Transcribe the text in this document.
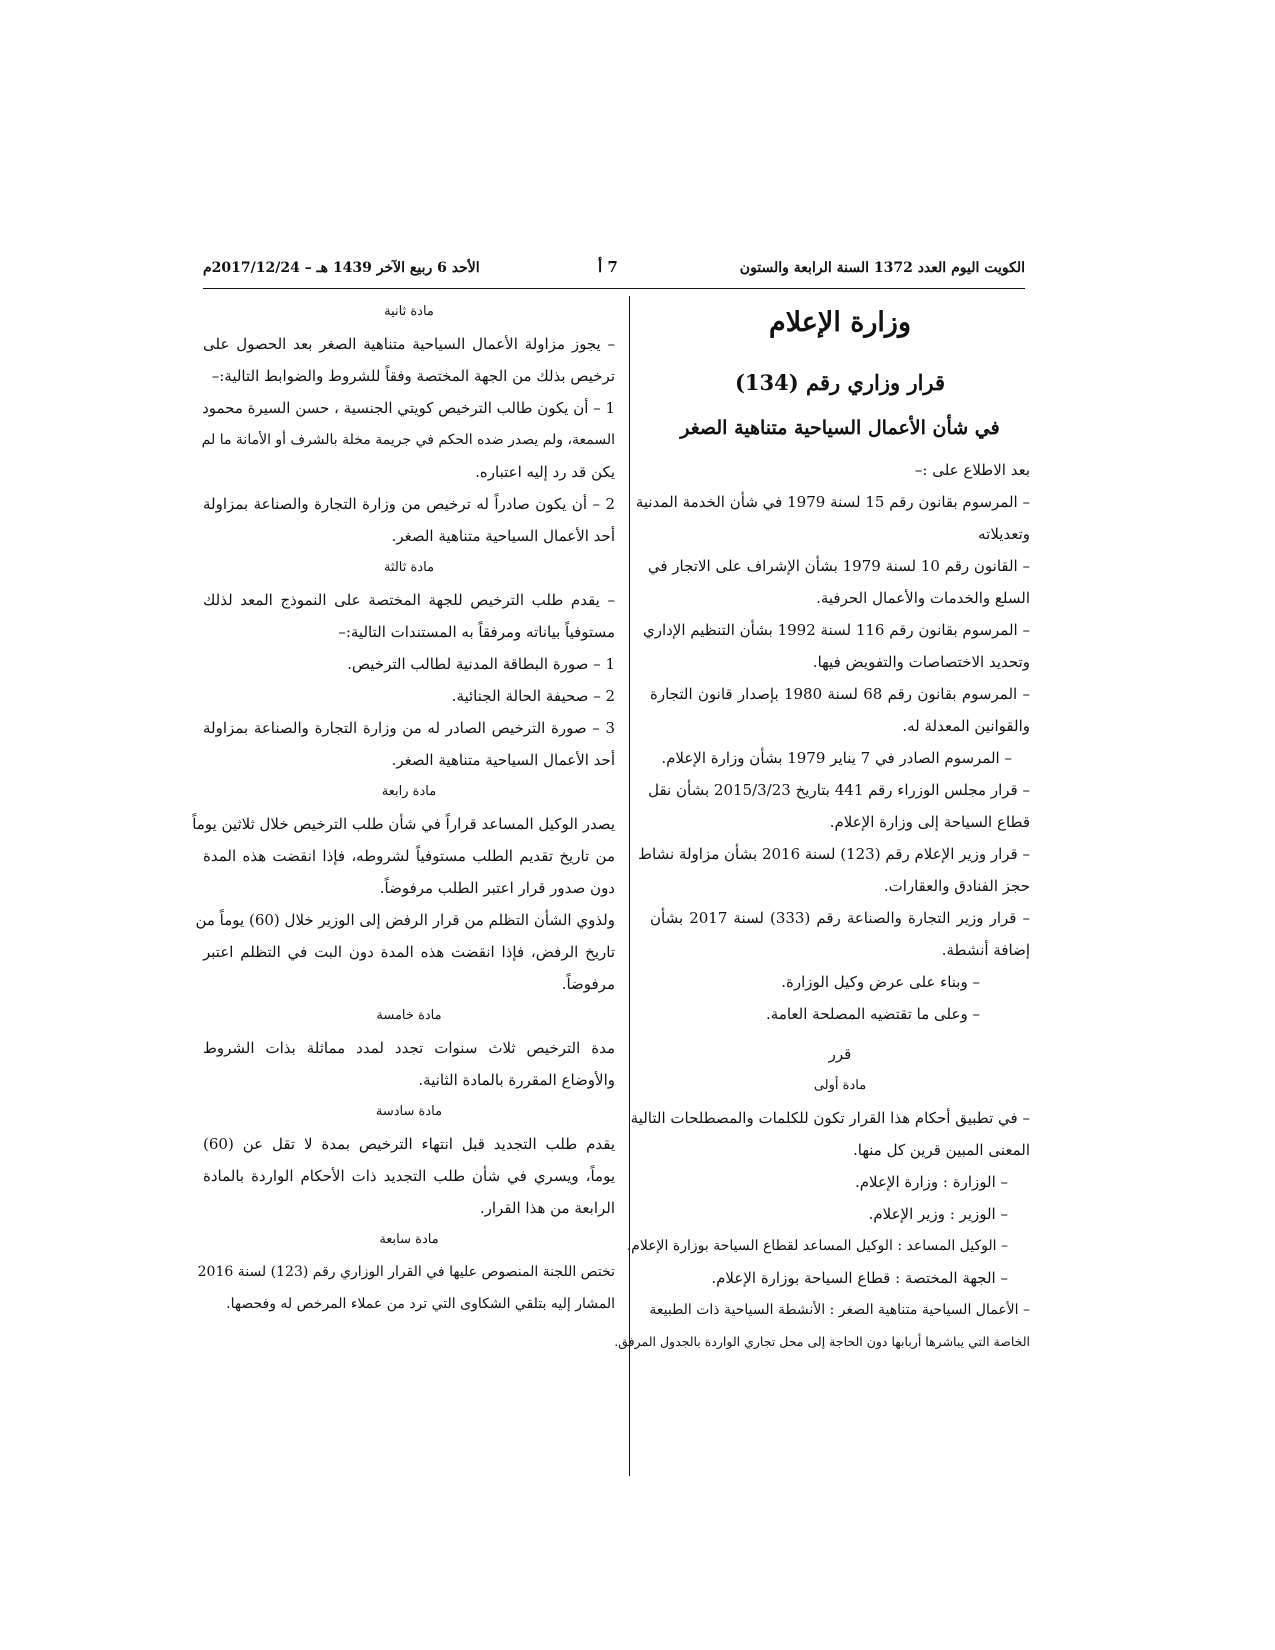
الكويت اليوم العدد 1372 السنة الرابعة والستون
7 أ
الأحد 6 ربيع الآخر 1439 هـ – 2017/12/24م
وزارة الإعلام
قرار وزاري رقم (134)
في شأن الأعمال السياحية متناهية الصغر
بعد الاطلاع على :–
– المرسوم بقانون رقم 15 لسنة 1979 في شأن الخدمة المدنية
وتعديلاته
– القانون رقم 10 لسنة 1979 بشأن الإشراف على الاتجار في
السلع والخدمات والأعمال الحرفية.
– المرسوم بقانون رقم 116 لسنة 1992 بشأن التنظيم الإداري
وتحديد الاختصاصات والتفويض فيها.
– المرسوم بقانون رقم 68 لسنة 1980 بإصدار قانون التجارة
والقوانين المعدلة له.
– المرسوم الصادر في 7 يناير 1979 بشأن وزارة الإعلام.
– قرار مجلس الوزراء رقم 441 بتاريخ 2015/3/23 بشأن نقل
قطاع السياحة إلى وزارة الإعلام.
– قرار وزير الإعلام رقم (123) لسنة 2016 بشأن مزاولة نشاط
حجز الفنادق والعقارات.
– قرار وزير التجارة والصناعة رقم (333) لسنة 2017 بشأن
إضافة أنشطة.
– وبناء على عرض وكيل الوزارة.
– وعلى ما تقتضيه المصلحة العامة.
قرر
مادة أولى
– في تطبيق أحكام هذا القرار تكون للكلمات والمصطلحات التالية
المعنى المبين قرين كل منها.
– الوزارة : وزارة الإعلام.
– الوزير : وزير الإعلام.
– الوكيل المساعد : الوكيل المساعد لقطاع السياحة بوزارة الإعلام.
– الجهة المختصة : قطاع السياحة بوزارة الإعلام.
– الأعمال السياحية متناهية الصغر : الأنشطة السياحية ذات الطبيعة
الخاصة التي يباشرها أربابها دون الحاجة إلى محل تجاري الواردة بالجدول المرفق.
مادة ثانية
– يجوز مزاولة الأعمال السياحية متناهية الصغر بعد الحصول على
ترخيص بذلك من الجهة المختصة وفقاً للشروط والضوابط التالية:–
1 – أن يكون طالب الترخيص كويتي الجنسية ، حسن السيرة محمود
السمعة، ولم يصدر ضده الحكم في جريمة مخلة بالشرف أو الأمانة ما لم
يكن قد رد إليه اعتباره.
2 – أن يكون صادراً له ترخيص من وزارة التجارة والصناعة بمزاولة
أحد الأعمال السياحية متناهية الصغر.
مادة ثالثة
– يقدم طلب الترخيص للجهة المختصة على النموذج المعد لذلك
مستوفياً بياناته ومرفقاً به المستندات التالية:–
1 – صورة البطاقة المدنية لطالب الترخيص.
2 – صحيفة الحالة الجنائية.
3 – صورة الترخيص الصادر له من وزارة التجارة والصناعة بمزاولة
أحد الأعمال السياحية متناهية الصغر.
مادة رابعة
يصدر الوكيل المساعد قراراً في شأن طلب الترخيص خلال ثلاثين يوماً
من تاريخ تقديم الطلب مستوفياً لشروطه، فإذا انقضت هذه المدة
دون صدور قرار اعتبر الطلب مرفوضاً.
ولذوي الشأن التظلم من قرار الرفض إلى الوزير خلال (60) يوماً من
تاريخ الرفض، فإذا انقضت هذه المدة دون البت في التظلم اعتبر
مرفوضاً.
مادة خامسة
مدة الترخيص ثلاث سنوات تجدد لمدد مماثلة بذات الشروط
والأوضاع المقررة بالمادة الثانية.
مادة سادسة
يقدم طلب التجديد قبل انتهاء الترخيص بمدة لا تقل عن (60)
يوماً، ويسري في شأن طلب التجديد ذات الأحكام الواردة بالمادة
الرابعة من هذا القرار.
مادة سابعة
تختص اللجنة المنصوص عليها في القرار الوزاري رقم (123) لسنة 2016
المشار إليه بتلقي الشكاوى التي ترد من عملاء المرخص له وفحصها.
